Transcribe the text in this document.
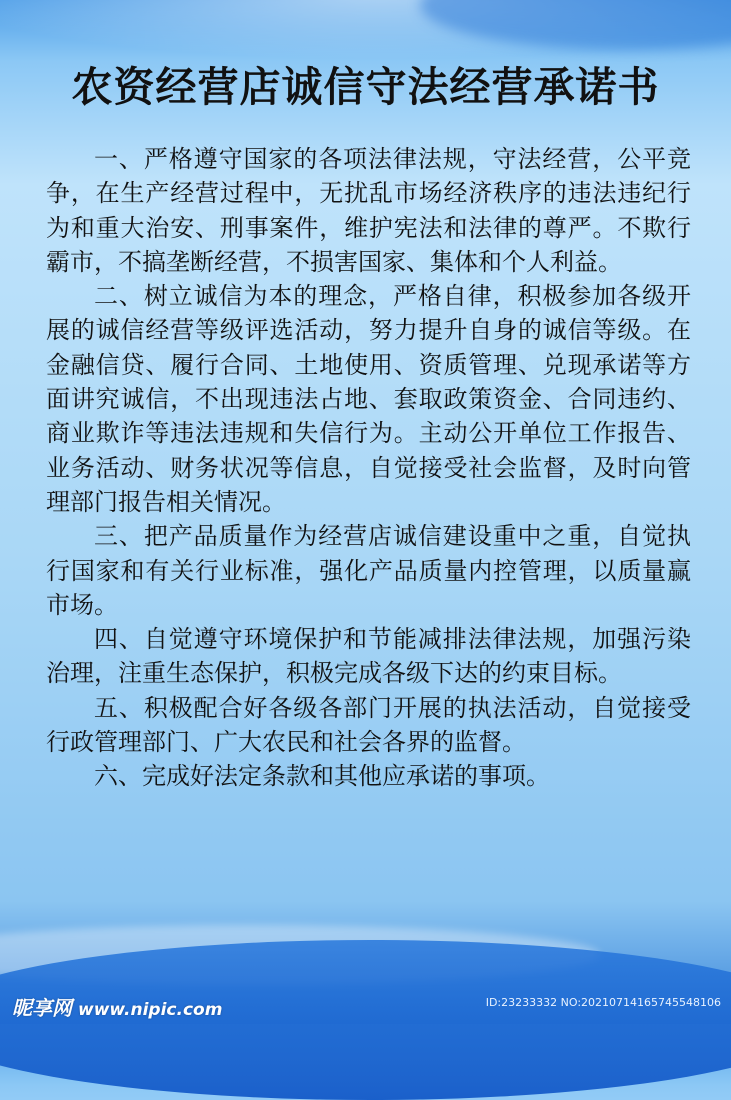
农资经营店诚信守法经营承诺书

一、严格遵守国家的各项法律法规，守法经营，公平竞争，在生产经营过程中，无扰乱市场经济秩序的违法违纪行为和重大治安、刑事案件，维护宪法和法律的尊严。不欺行霸市，不搞垄断经营，不损害国家、集体和个人利益。

二、树立诚信为本的理念，严格自律，积极参加各级开展的诚信经营等级评选活动，努力提升自身的诚信等级。在金融信贷、履行合同、土地使用、资质管理、兑现承诺等方面讲究诚信，不出现违法占地、套取政策资金、合同违约、商业欺诈等违法违规和失信行为。主动公开单位工作报告、业务活动、财务状况等信息，自觉接受社会监督，及时向管理部门报告相关情况。

三、把产品质量作为经营店诚信建设重中之重，自觉执行国家和有关行业标准，强化产品质量内控管理，以质量赢市场。

四、自觉遵守环境保护和节能减排法律法规，加强污染治理，注重生态保护，积极完成各级下达的约束目标。

五、积极配合好各级各部门开展的执法活动，自觉接受行政管理部门、广大农民和社会各界的监督。

六、完成好法定条款和其他应承诺的事项。

昵享网 www.nipic.com	ID:23233332 NO:20210714165745548106
